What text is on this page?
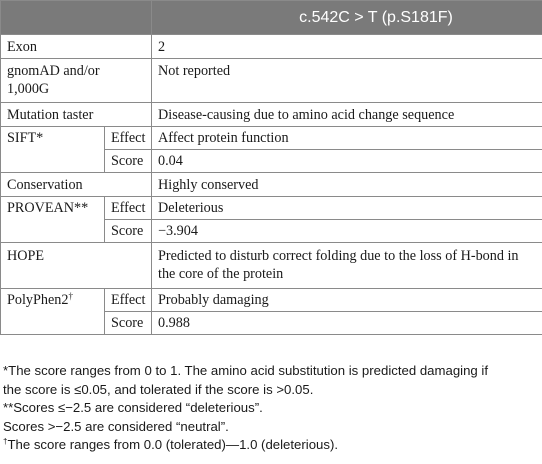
		c.542C > T (p.S181F)
Exon		2
gnomAD and/or 1,000G		Not reported
Mutation taster		Disease-causing due to amino acid change sequence
SIFT*	Effect	Affect protein function
	Score	0.04
Conservation		Highly conserved
PROVEAN**	Effect	Deleterious
	Score	−3.904
HOPE		Predicted to disturb correct folding due to the loss of H-bond in the core of the protein
PolyPhen2†	Effect	Probably damaging
	Score	0.988

*The score ranges from 0 to 1. The amino acid substitution is predicted damaging if

the score is ≤0.05, and tolerated if the score is >0.05.

**Scores ≤−2.5 are considered “deleterious”.

Scores >−2.5 are considered “neutral”.

†The score ranges from 0.0 (tolerated)—1.0 (deleterious).
